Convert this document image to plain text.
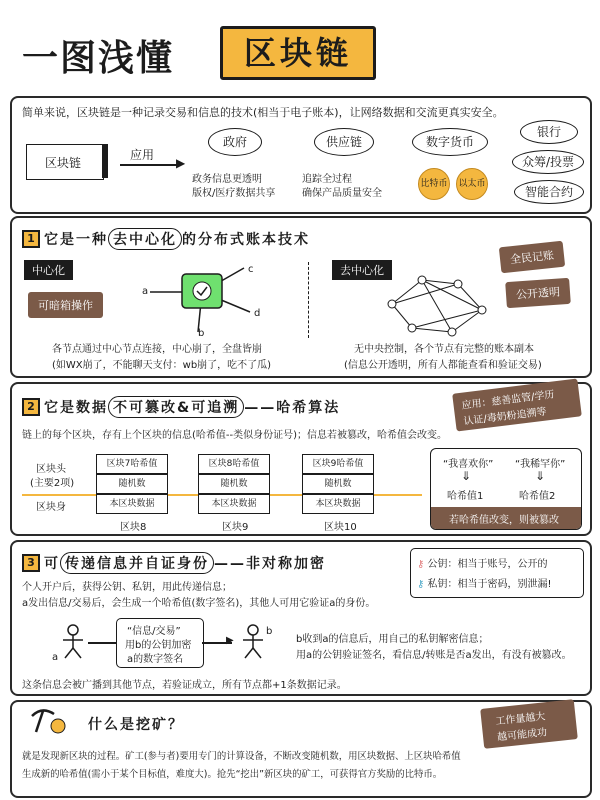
一图浅懂	区块链
简单来说，区块链是一种记录交易和信息的技术(相当于电子账本)，让网络数据和交流更真实安全。
区块链
应用
▶
政府
政务信息更透明
版权/医疗数据共享
供应链
追踪全过程
确保产品质量安全
数字货币
比特币 以太币
银行
众筹/投票
智能合约
1 它是一种 去中心化 的分布式账本技术
中心化
可暗箱操作
a
b
c
d
各节点通过中心节点连接，中心崩了，全盘皆崩
(如WX崩了，不能聊天支付：wb崩了，吃不了瓜)
去中心化
全民记账
公开透明
无中央控制，各个节点有完整的账本副本
(信息公开透明，所有人都能查看和验证交易)
2 它是数据 不可篡改&可追溯 ——哈希算法	应用：慈善监管/学历
认证/毒奶粉追溯等
链上的每个区块，存有上个区块的信息(哈希值--类似身份证号)；信息若被篡改，哈希值会改变。
区块头
(主要2项)
区块身
区块7哈希值
随机数
本区块数据
区块8
区块8哈希值
随机数
本区块数据
区块9
区块9哈希值
随机数
本区块数据
区块10
“我喜欢你” “我稀罕你”
⇓	⇓
哈希值1	哈希值2
若哈希值改变，则被篡改
3 可 传递信息并自证身份 ——非对称加密	⚷ 公钥：相当于账号，公开的
⚷ 私钥：相当于密码，别泄漏!
个人开户后，获得公钥、私钥，用此传递信息；
a发出信息/交易后，会生成一个哈希值(数字签名)，其他人可用它验证a的身份。
a
“信息/交易”
用b的公钥加密
a的数字签名
▶
b
b收到a的信息后，用自己的私钥解密信息；
用a的公钥验证签名，看信息/转账是否a发出，有没有被篡改。
这条信息会被广播到其他节点，若验证成立，所有节点都+1条数据记录。
什么是挖矿？	工作量越大
越可能成功
就是发现新区块的过程。矿工(参与者)要用专门的计算设备，不断改变随机数，用区块数据、上区块哈希值
生成新的哈希值(需小于某个目标值，难度大)。抢先“挖出”新区块的矿工，可获得官方奖励的比特币。
